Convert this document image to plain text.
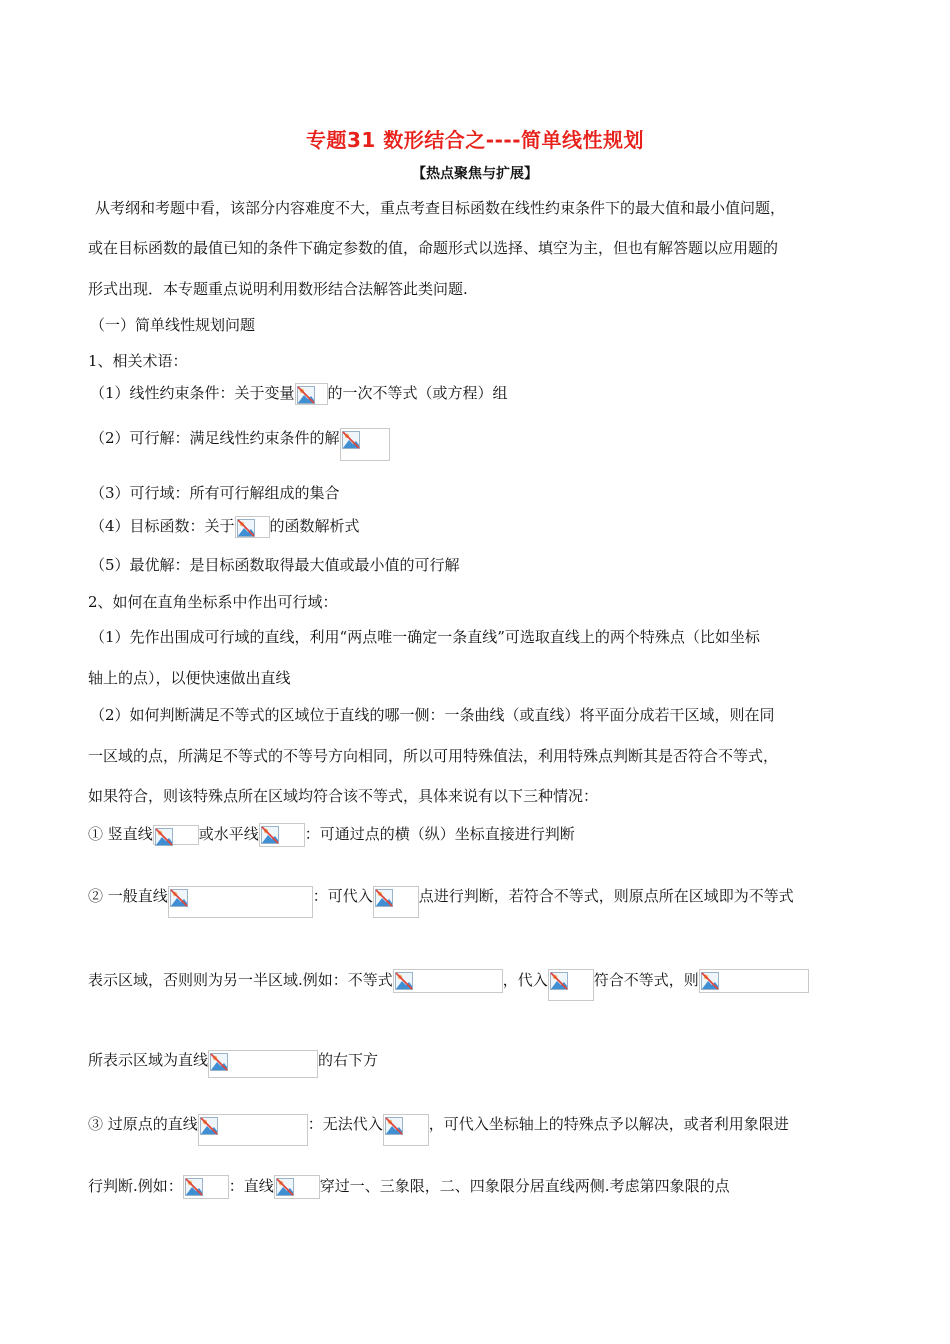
专题31 数形结合之----简单线性规划
【热点聚焦与扩展】
从考纲和考题中看，该部分内容难度不大，重点考查目标函数在线性约束条件下的最大值和最小值问题，
或在目标函数的最值已知的条件下确定参数的值，命题形式以选择、填空为主，但也有解答题以应用题的
形式出现．本专题重点说明利用数形结合法解答此类问题.
（一）简单线性规划问题
1、相关术语：
（1）线性约束条件：关于变量 的一次不等式（或方程）组
（2）可行解：满足线性约束条件的解
（3）可行域：所有可行解组成的集合
（4）目标函数：关于 的函数解析式
（5）最优解：是目标函数取得最大值或最小值的可行解
2、如何在直角坐标系中作出可行域：
（1）先作出围成可行域的直线，利用“两点唯一确定一条直线”可选取直线上的两个特殊点（比如坐标
轴上的点），以便快速做出直线
（2）如何判断满足不等式的区域位于直线的哪一侧：一条曲线（或直线）将平面分成若干区域，则在同
一区域的点，所满足不等式的不等号方向相同，所以可用特殊值法，利用特殊点判断其是否符合不等式，
如果符合，则该特殊点所在区域均符合该不等式，具体来说有以下三种情况：
① 竖直线	或水平线	：可通过点的横（纵）坐标直接进行判断
② 一般直线	：可代入	点进行判断，若符合不等式，则原点所在区域即为不等式
表示区域，否则则为另一半区域.例如：不等式	，代入	符合不等式，则
所表示区域为直线	的右下方
③ 过原点的直线	：无法代入	，可代入坐标轴上的特殊点予以解决，或者利用象限进
行判断.例如：	：直线	穿过一、三象限，二、四象限分居直线两侧.考虑第四象限的点
